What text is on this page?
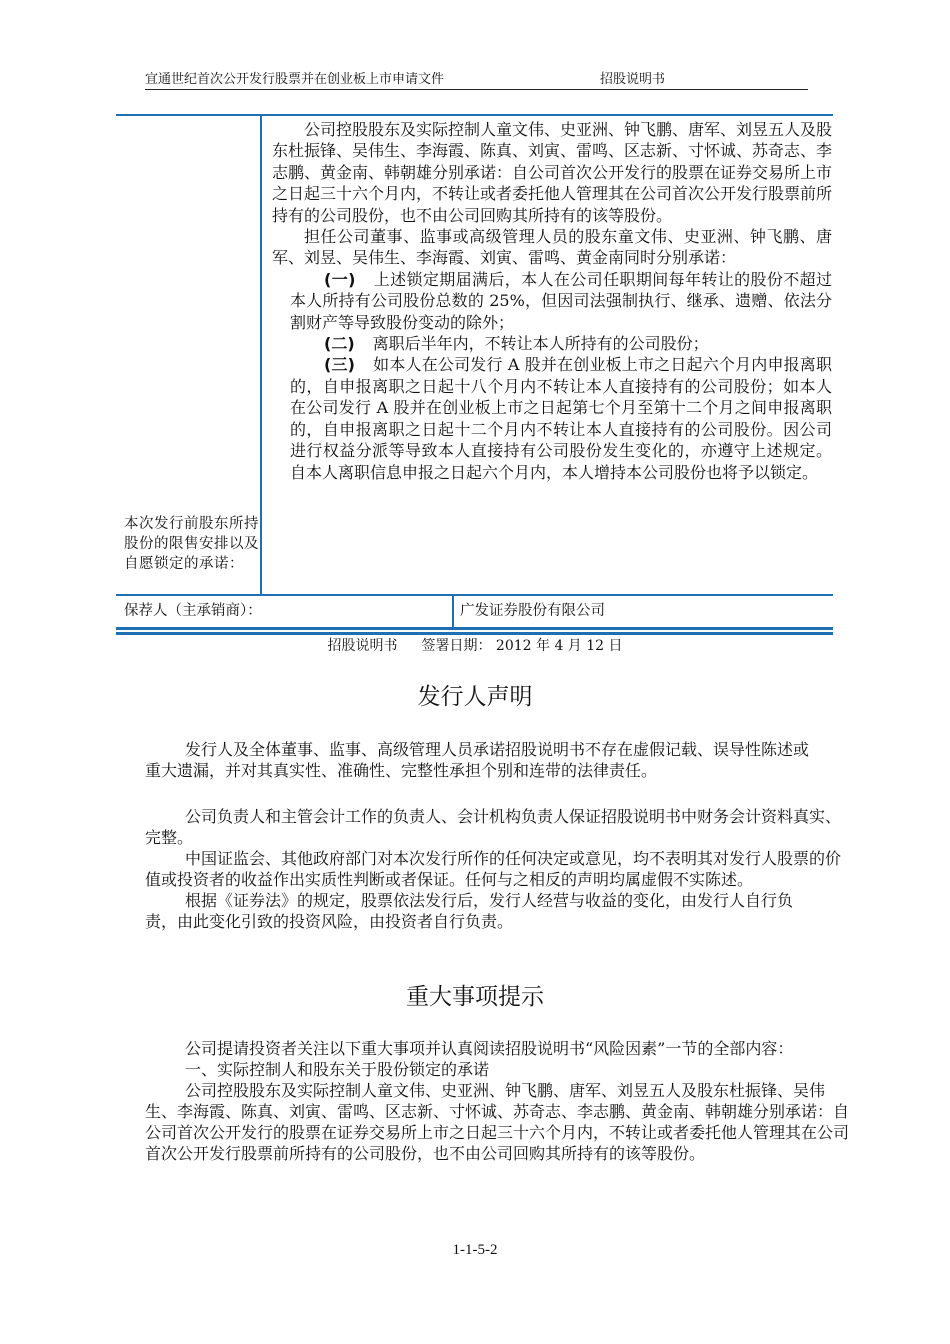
宜通世纪首次公开发行股票并在创业板上市申请文件	招股说明书
本次发行前股东所持股份的限售安排以及自愿锁定的承诺：

公司控股股东及实际控制人童文伟、史亚洲、钟飞鹏、唐军、刘昱五人及股东杜振锋、吴伟生、李海霞、陈真、刘寅、雷鸣、区志新、寸怀诚、苏奇志、李志鹏、黄金南、韩朝雄分别承诺：自公司首次公开发行的股票在证券交易所上市之日起三十六个月内，不转让或者委托他人管理其在公司首次公开发行股票前所持有的公司股份，也不由公司回购其所持有的该等股份。

担任公司董事、监事或高级管理人员的股东童文伟、史亚洲、钟飞鹏、唐军、刘昱、吴伟生、李海霞、刘寅、雷鸣、黄金南同时分别承诺：

(一) 上述锁定期届满后，本人在公司任职期间每年转让的股份不超过本人所持有公司股份总数的 25%，但因司法强制执行、继承、遗赠、依法分割财产等导致股份变动的除外；

(二) 离职后半年内，不转让本人所持有的公司股份；

(三) 如本人在公司发行 A 股并在创业板上市之日起六个月内申报离职的，自申报离职之日起十八个月内不转让本人直接持有的公司股份；如本人在公司发行 A 股并在创业板上市之日起第七个月至第十二个月之间申报离职的，自申报离职之日起十二个月内不转让本人直接持有的公司股份。因公司进行权益分派等导致本人直接持有公司股份发生变化的，亦遵守上述规定。自本人离职信息申报之日起六个月内，本人增持本公司股份也将予以锁定。

保荐人（主承销商）：	广发证券股份有限公司
招股说明书 签署日期： 2012 年 4 月 12 日
发行人声明

发行人及全体董事、监事、高级管理人员承诺招股说明书不存在虚假记载、误导性陈述或重大遗漏，并对其真实性、准确性、完整性承担个别和连带的法律责任。

公司负责人和主管会计工作的负责人、会计机构负责人保证招股说明书中财务会计资料真实、完整。

中国证监会、其他政府部门对本次发行所作的任何决定或意见，均不表明其对发行人股票的价值或投资者的收益作出实质性判断或者保证。任何与之相反的声明均属虚假不实陈述。

根据《证券法》的规定，股票依法发行后，发行人经营与收益的变化，由发行人自行负责，由此变化引致的投资风险，由投资者自行负责。

重大事项提示

公司提请投资者关注以下重大事项并认真阅读招股说明书“风险因素”一节的全部内容：

一、实际控制人和股东关于股份锁定的承诺

公司控股股东及实际控制人童文伟、史亚洲、钟飞鹏、唐军、刘昱五人及股东杜振锋、吴伟生、李海霞、陈真、刘寅、雷鸣、区志新、寸怀诚、苏奇志、李志鹏、黄金南、韩朝雄分别承诺：自公司首次公开发行的股票在证券交易所上市之日起三十六个月内，不转让或者委托他人管理其在公司首次公开发行股票前所持有的公司股份，也不由公司回购其所持有的该等股份。

1-1-5-2
